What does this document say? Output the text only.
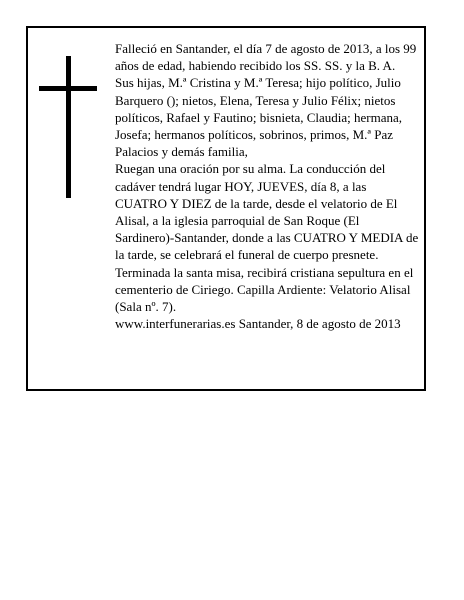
Falleció en Santander, el día 7 de agosto de 2013, a los 99 años de edad, habiendo recibido los SS. SS. y la B. A.

Sus hijas, M.ª Cristina y M.ª Teresa; hijo político, Julio Barquero (); nietos, Elena, Teresa y Julio Félix; nietos políticos, Rafael y Fautino; bisnieta, Claudia; hermana, Josefa; hermanos políticos, sobrinos, primos, M.ª Paz Palacios y demás familia,

Ruegan una oración por su alma. La conducción del cadáver tendrá lugar HOY, JUEVES, día 8, a las CUATRO Y DIEZ de la tarde, desde el velatorio de El Alisal, a la iglesia parroquial de San Roque (El Sardinero)-Santander, donde a las CUATRO Y MEDIA de la tarde, se celebrará el funeral de cuerpo presnete.

Terminada la santa misa, recibirá cristiana sepultura en el cementerio de Ciriego. Capilla Ardiente: Velatorio Alisal (Sala nº. 7).

www.interfunerarias.es Santander, 8 de agosto de 2013
